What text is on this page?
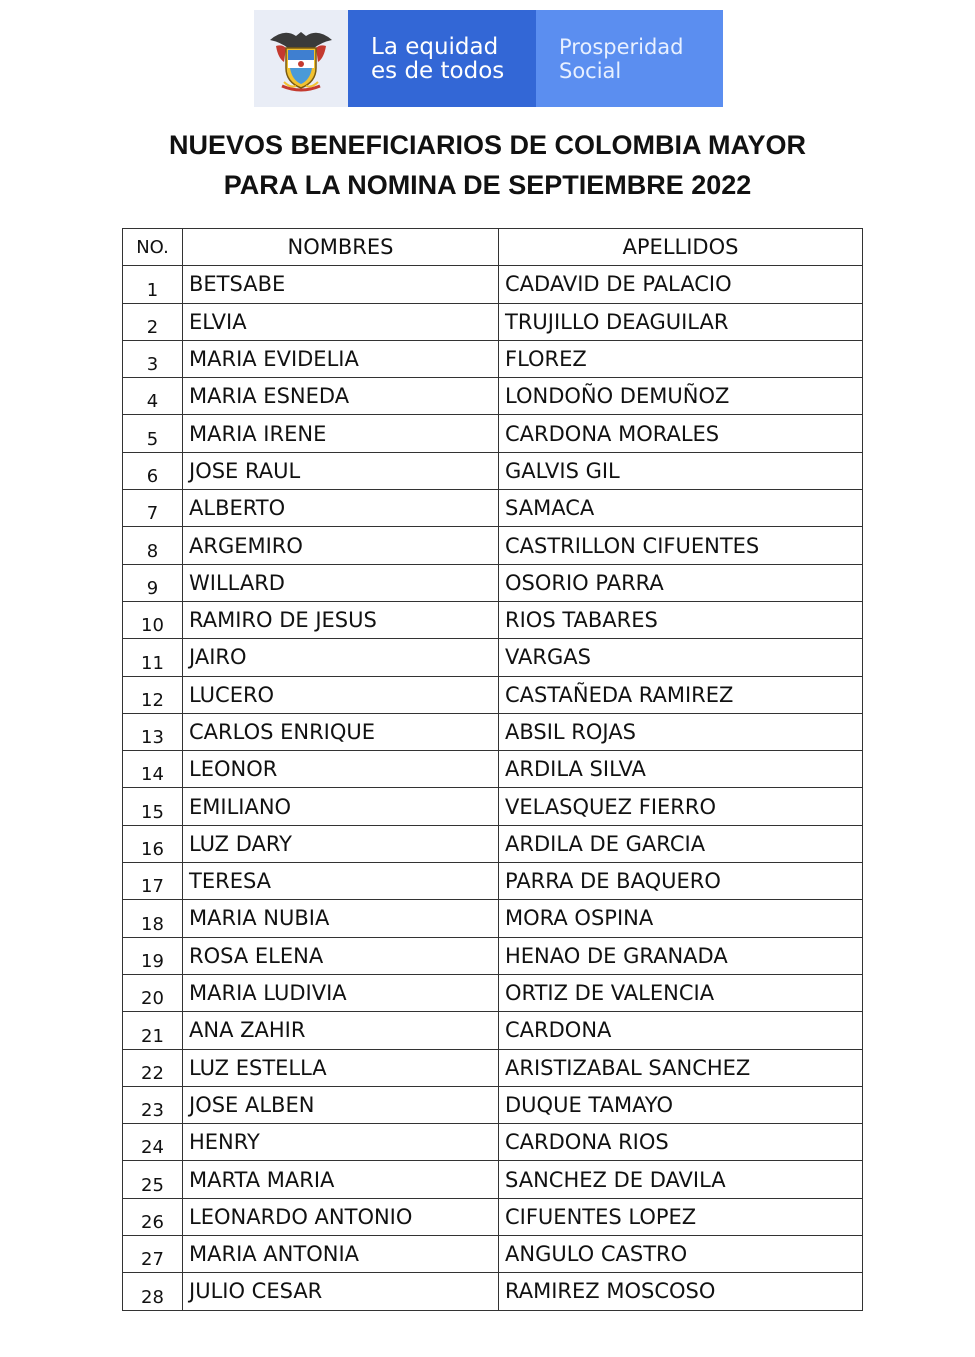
La equidad
es de todos
Prosperidad
Social
NUEVOS BENEFICIARIOS DE COLOMBIA MAYOR
PARA LA NOMINA DE SEPTIEMBRE 2022
NO.	NOMBRES	APELLIDOS
1	BETSABE	CADAVID DE PALACIO
2	ELVIA	TRUJILLO DEAGUILAR
3	MARIA EVIDELIA	FLOREZ
4	MARIA ESNEDA	LONDOÑO DEMUÑOZ
5	MARIA IRENE	CARDONA MORALES
6	JOSE RAUL	GALVIS GIL
7	ALBERTO	SAMACA
8	ARGEMIRO	CASTRILLON CIFUENTES
9	WILLARD	OSORIO PARRA
10	RAMIRO DE JESUS	RIOS TABARES
11	JAIRO	VARGAS
12	LUCERO	CASTAÑEDA RAMIREZ
13	CARLOS ENRIQUE	ABSIL ROJAS
14	LEONOR	ARDILA SILVA
15	EMILIANO	VELASQUEZ FIERRO
16	LUZ DARY	ARDILA DE GARCIA
17	TERESA	PARRA DE BAQUERO
18	MARIA NUBIA	MORA OSPINA
19	ROSA ELENA	HENAO DE GRANADA
20	MARIA LUDIVIA	ORTIZ DE VALENCIA
21	ANA ZAHIR	CARDONA
22	LUZ ESTELLA	ARISTIZABAL SANCHEZ
23	JOSE ALBEN	DUQUE TAMAYO
24	HENRY	CARDONA RIOS
25	MARTA MARIA	SANCHEZ DE DAVILA
26	LEONARDO ANTONIO	CIFUENTES LOPEZ
27	MARIA ANTONIA	ANGULO CASTRO
28	JULIO CESAR	RAMIREZ MOSCOSO
